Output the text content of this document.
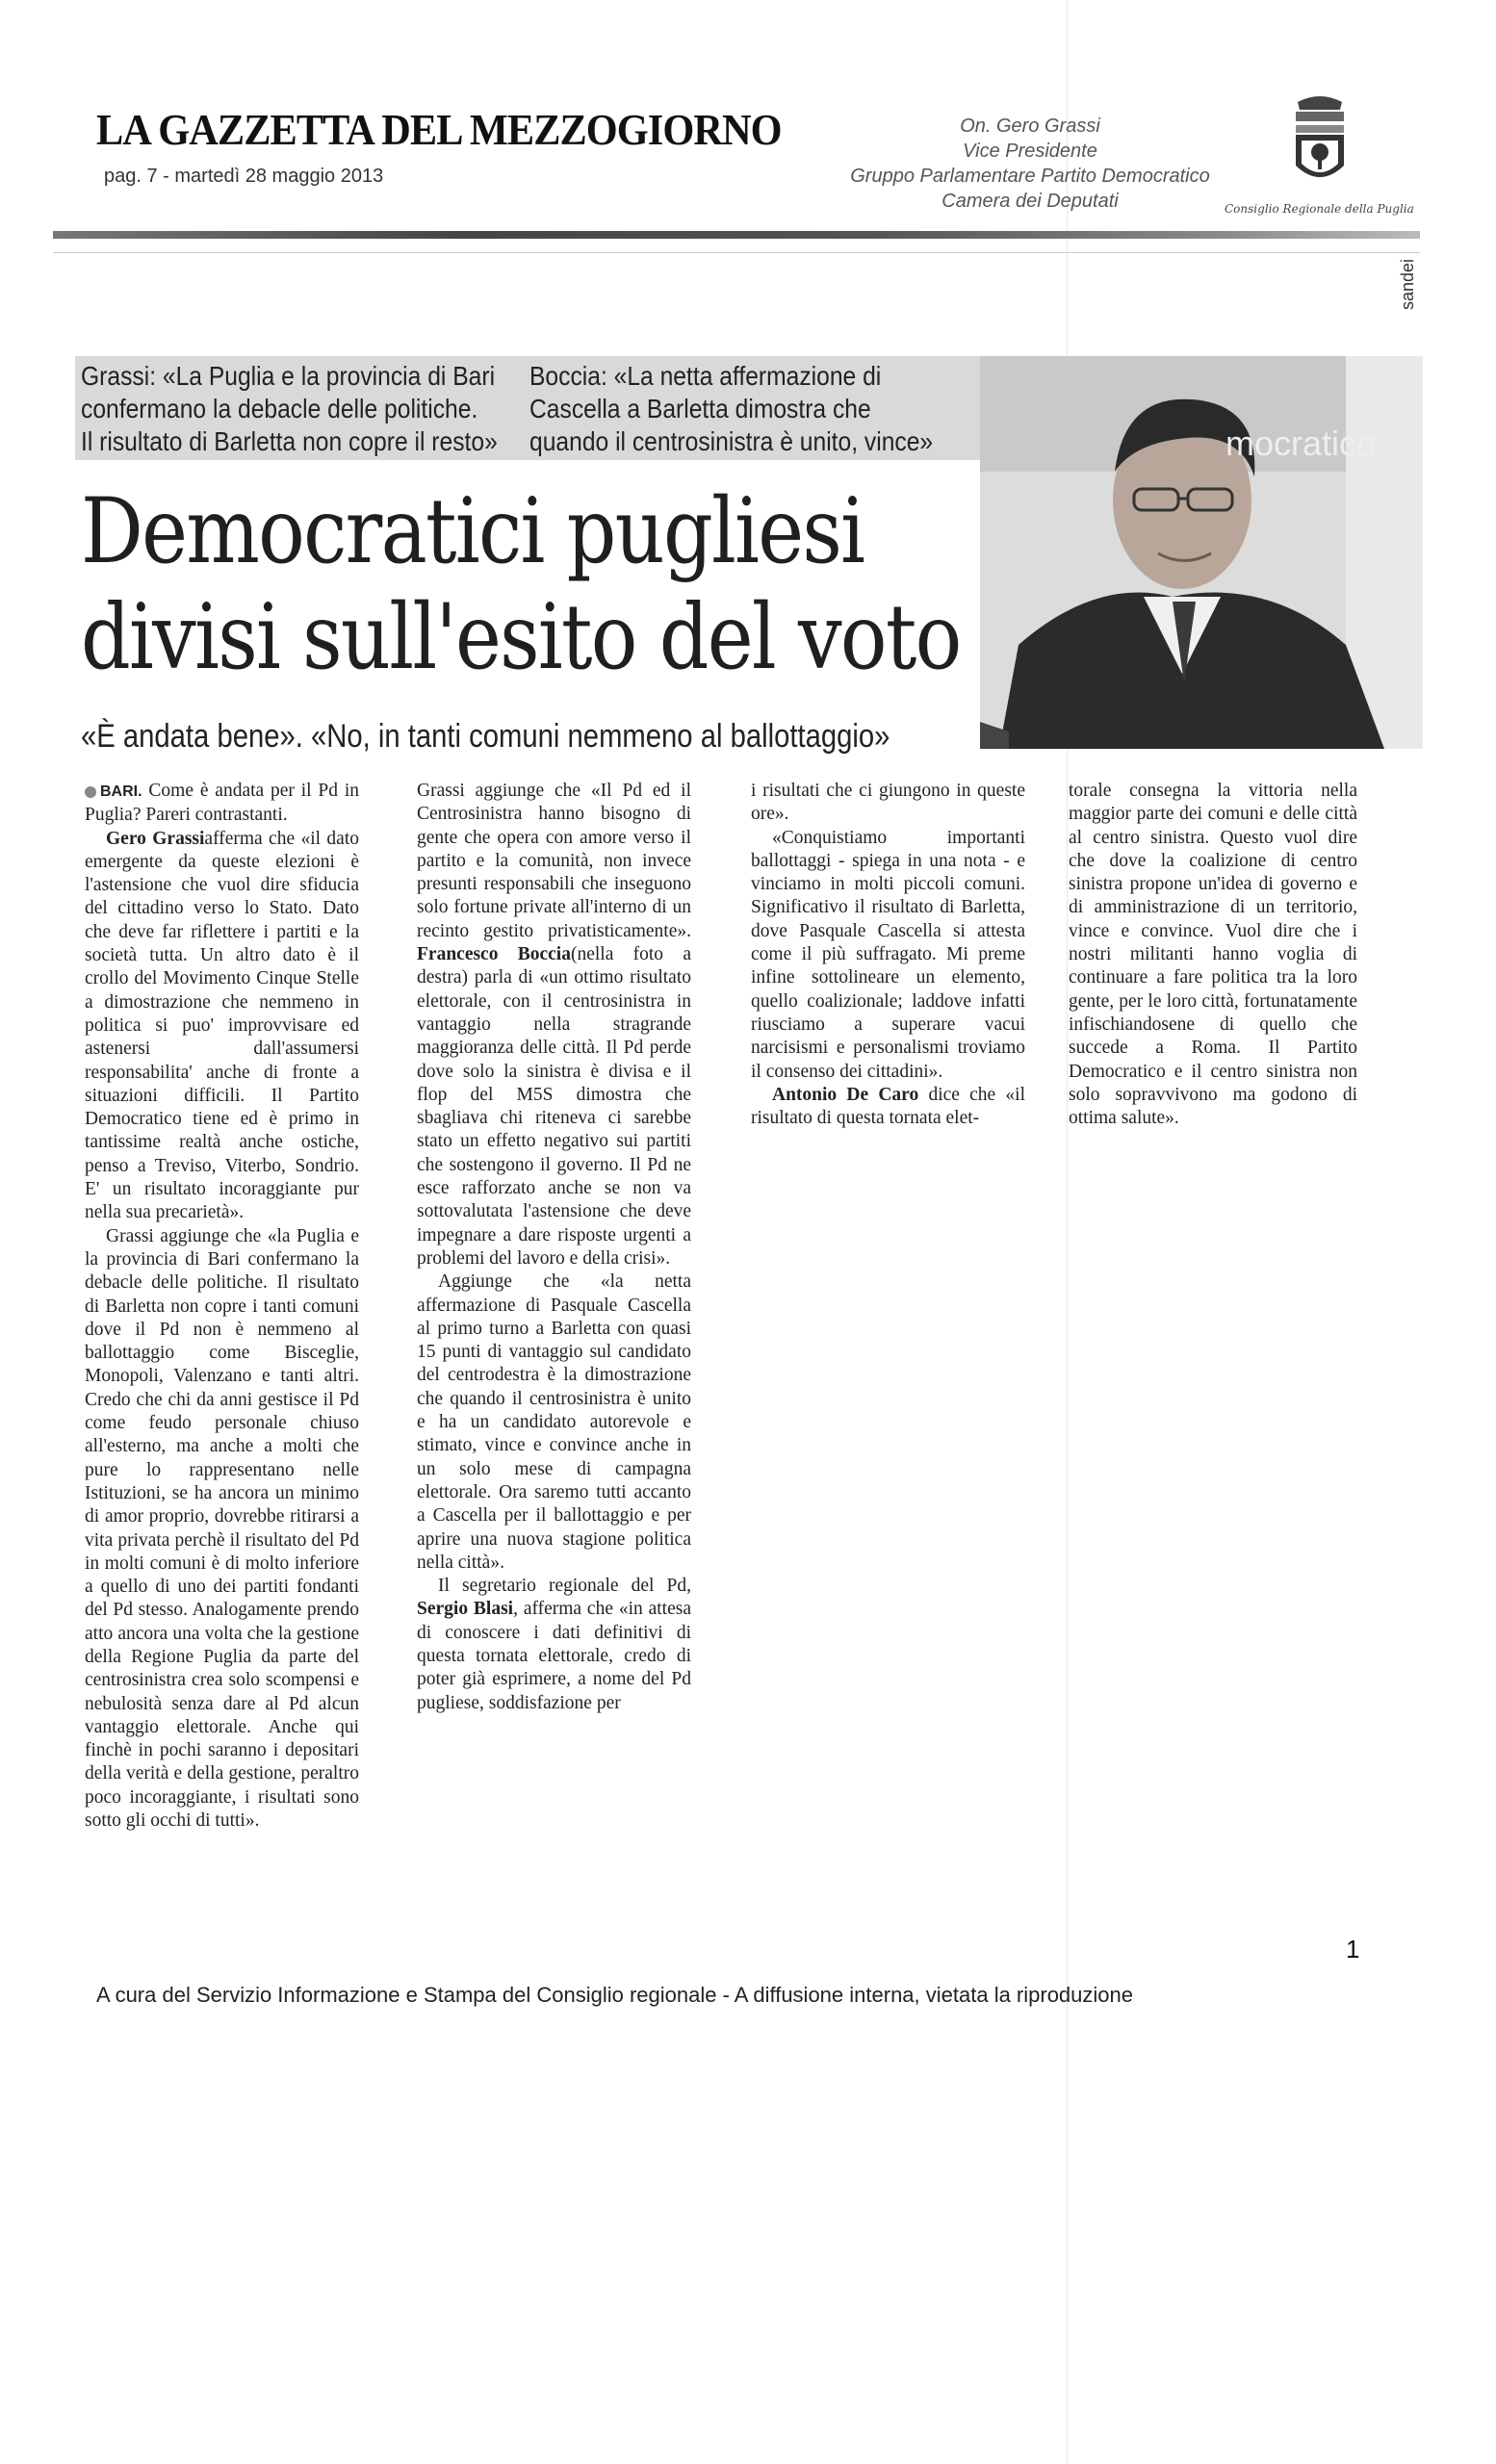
LA GAZZETTA DEL MEZZOGIORNO
pag. 7 - martedì 28 maggio 2013
On. Gero Grassi
Vice Presidente
Gruppo Parlamentare Partito Democratico
Camera dei Deputati	Consiglio Regionale della Puglia
sandei
Grassi: «La Puglia e la provincia di Bari
confermano la debacle delle politiche.
Il risultato di Barletta non copre il resto»
Boccia: «La netta affermazione di
Cascella a Barletta dimostra che
quando il centrosinistra è unito, vince»	mocratico
Democratici pugliesi
divisi sull'esito del voto
«È andata bene». «No, in tanti comuni nemmeno al ballottaggio»

BARI. Come è andata per il Pd in Puglia? Pareri contrastanti.

Gero Grassiafferma che «il dato emergente da queste elezioni è l'astensione che vuol dire sfiducia del cittadino verso lo Stato. Dato che deve far riflettere i partiti e la società tutta. Un altro dato è il crollo del Movimento Cinque Stelle a dimostrazione che nemmeno in politica si puo' improvvisare ed astenersi dall'assumersi responsabilita' anche di fronte a situazioni difficili. Il Partito Democratico tiene ed è primo in tantissime realtà anche ostiche, penso a Treviso, Viterbo, Sondrio. E' un risultato incoraggiante pur nella sua precarietà».

Grassi aggiunge che «la Puglia e la provincia di Bari confermano la debacle delle politiche. Il risultato di Barletta non copre i tanti comuni dove il Pd non è nemmeno al ballottaggio come Bisceglie, Monopoli, Valenzano e tanti altri. Credo che chi da anni gestisce il Pd come feudo personale chiuso all'esterno, ma anche a molti che pure lo rappresentano nelle Istituzioni, se ha ancora un minimo di amor proprio, dovrebbe ritirarsi a vita privata perchè il risultato del Pd in molti comuni è di molto inferiore a quello di uno dei partiti fondanti del Pd stesso. Analogamente prendo atto ancora una volta che la gestione della Regione Puglia da parte del centrosinistra crea solo scompensi e nebulosità senza dare al Pd alcun vantaggio elettorale. Anche qui finchè in pochi saranno i depositari della verità e della gestione, peraltro poco incoraggiante, i risultati sono sotto gli occhi di tutti».

Grassi aggiunge che «Il Pd ed il Centrosinistra hanno bisogno di gente che opera con amore verso il partito e la comunità, non invece presunti responsabili che inseguono solo fortune private all'interno di un recinto gestito privatisticamente». Francesco Boccia(nella foto a destra) parla di «un ottimo risultato elettorale, con il centrosinistra in vantaggio nella stragrande maggioranza delle città. Il Pd perde dove solo la sinistra è divisa e il flop del M5S dimostra che sbagliava chi riteneva ci sarebbe stato un effetto negativo sui partiti che sostengono il governo. Il Pd ne esce rafforzato anche se non va sottovalutata l'astensione che deve impegnare a dare risposte urgenti a problemi del lavoro e della crisi».

Aggiunge che «la netta affermazione di Pasquale Cascella al primo turno a Barletta con quasi 15 punti di vantaggio sul candidato del centrodestra è la dimostrazione che quando il centrosinistra è unito e ha un candidato autorevole e stimato, vince e convince anche in un solo mese di campagna elettorale. Ora saremo tutti accanto a Cascella per il ballottaggio e per aprire una nuova stagione politica nella città».

Il segretario regionale del Pd, Sergio Blasi, afferma che «in attesa di conoscere i dati definitivi di questa tornata elettorale, credo di poter già esprimere, a nome del Pd pugliese, soddisfazione per

i risultati che ci giungono in queste ore».

«Conquistiamo importanti ballottaggi - spiega in una nota - e vinciamo in molti piccoli comuni. Significativo il risultato di Barletta, dove Pasquale Cascella si attesta come il più suffragato. Mi preme infine sottolineare un elemento, quello coalizionale; laddove infatti riusciamo a superare vacui narcisismi e personalismi troviamo il consenso dei cittadini».

Antonio De Caro dice che «il risultato di questa tornata elet-

torale consegna la vittoria nella maggior parte dei comuni e delle città al centro sinistra. Questo vuol dire che dove la coalizione di centro sinistra propone un'idea di governo e di amministrazione di un territorio, vince e convince. Vuol dire che i nostri militanti hanno voglia di continuare a fare politica tra la loro gente, per le loro città, fortunatamente infischiandosene di quello che succede a Roma. Il Partito Democratico e il centro sinistra non solo sopravvivono ma godono di ottima salute».

1
A cura del Servizio Informazione e Stampa del Consiglio regionale - A diffusione interna, vietata la riproduzione
